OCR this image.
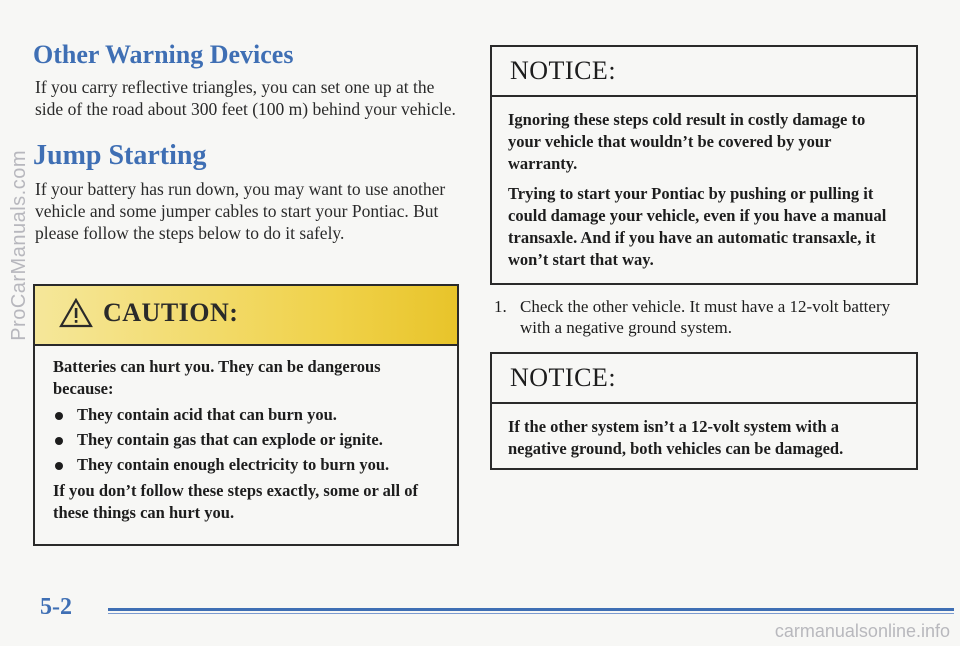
ProCarManuals.com
Other Warning Devices

If you carry reflective triangles, you can set one up at the side of the road about 300 feet (100 m) behind your vehicle.

Jump Starting

If your battery has run down, you may want to use another vehicle and some jumper cables to start your Pontiac. But please follow the steps below to do it safely.

CAUTION:

Batteries can hurt you. They can be dangerous because:

They contain acid that can burn you.
They contain gas that can explode or ignite.
They contain enough electricity to burn you.

If you don’t follow these steps exactly, some or all of these things can hurt you.

NOTICE:

Ignoring these steps cold result in costly damage to your vehicle that wouldn’t be covered by your warranty.

Trying to start your Pontiac by pushing or pulling it could damage your vehicle, even if you have a manual transaxle. And if you have an automatic transaxle, it won’t start that way.

1. Check the other vehicle. It must have a 12-volt battery with a negative ground system.
NOTICE:

If the other system isn’t a 12-volt system with a negative ground, both vehicles can be damaged.

5-2
carmanualsonline.info
